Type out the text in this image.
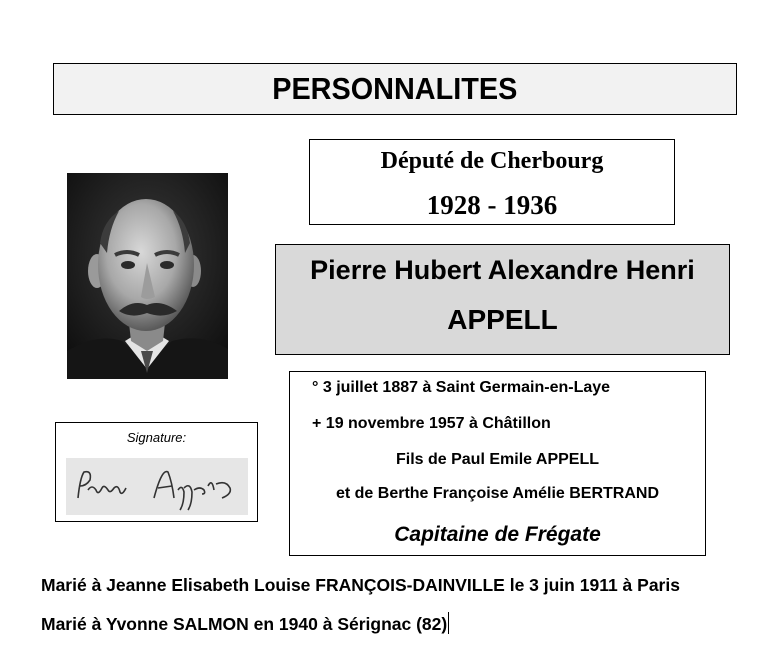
PERSONNALITES
Député de Cherbourg
1928 - 1936
Pierre Hubert Alexandre Henri
APPELL
° 3 juillet 1887 à Saint Germain-en-Laye
+ 19 novembre 1957 à Châtillon
Fils de Paul Emile APPELL
et de Berthe Françoise Amélie BERTRAND
Capitaine de Frégate
Signature:
Marié à Jeanne Elisabeth Louise FRANÇOIS-DAINVILLE le 3 juin 1911 à Paris
Marié à Yvonne SALMON en 1940 à Sérignac (82)
